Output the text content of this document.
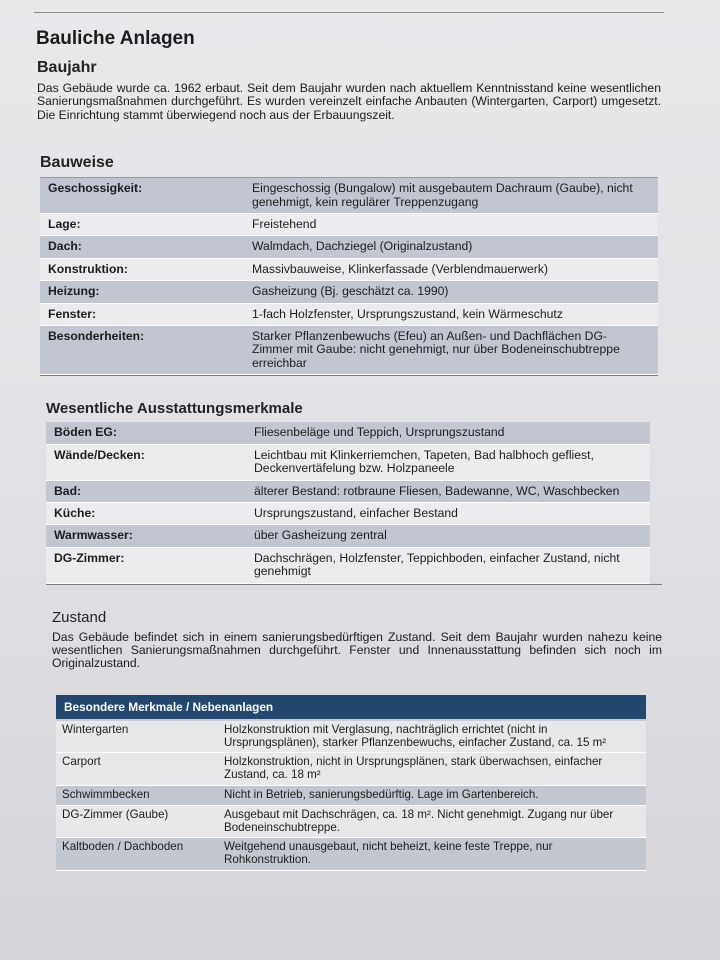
Bauliche Anlagen
Baujahr

Das Gebäude wurde ca. 1962 erbaut. Seit dem Baujahr wurden nach aktuellem Kenntnisstand keine wesentlichen Sanierungsmaßnahmen durchgeführt. Es wurden vereinzelt einfache Anbauten (Wintergarten, Carport) umgesetzt. Die Einrichtung stammt überwiegend noch aus der Erbauungszeit.

Bauweise
Geschossigkeit:	Eingeschossig (Bungalow) mit ausgebautem Dachraum (Gaube), nicht genehmigt, kein regulärer Treppenzugang
Lage:	Freistehend
Dach:	Walmdach, Dachziegel (Originalzustand)
Konstruktion:	Massivbauweise, Klinkerfassade (Verblendmauerwerk)
Heizung:	Gasheizung (Bj. geschätzt ca. 1990)
Fenster:	1-fach Holzfenster, Ursprungszustand, kein Wärmeschutz
Besonderheiten:	Starker Pflanzenbewuchs (Efeu) an Außen- und Dachflächen DG-Zimmer mit Gaube: nicht genehmigt, nur über Bodeneinschubtreppe erreichbar
Wesentliche Ausstattungsmerkmale
Böden EG:	Fliesenbeläge und Teppich, Ursprungszustand
Wände/Decken:	Leichtbau mit Klinkerriemchen, Tapeten, Bad halbhoch gefliest, Deckenvertäfelung bzw. Holzpaneele
Bad:	älterer Bestand: rotbraune Fliesen, Badewanne, WC, Waschbecken
Küche:	Ursprungszustand, einfacher Bestand
Warmwasser:	über Gasheizung zentral
DG-Zimmer:	Dachschrägen, Holzfenster, Teppichboden, einfacher Zustand, nicht genehmigt
Zustand

Das Gebäude befindet sich in einem sanierungsbedürftigen Zustand. Seit dem Baujahr wurden nahezu keine wesentlichen Sanierungsmaßnahmen durchgeführt. Fenster und Innenausstattung befinden sich noch im Originalzustand.

Besondere Merkmale / Nebenanlagen	
Wintergarten	Holzkonstruktion mit Verglasung, nachträglich errichtet (nicht in Ursprungsplänen), starker Pflanzenbewuchs, einfacher Zustand, ca. 15 m²
Carport	Holzkonstruktion, nicht in Ursprungsplänen, stark überwachsen, einfacher Zustand, ca. 18 m²
Schwimmbecken	Nicht in Betrieb, sanierungsbedürftig. Lage im Gartenbereich.
DG-Zimmer (Gaube)	Ausgebaut mit Dachschrägen, ca. 18 m². Nicht genehmigt. Zugang nur über Bodeneinschubtreppe.
Kaltboden / Dachboden	Weitgehend unausgebaut, nicht beheizt, keine feste Treppe, nur Rohkonstruktion.
